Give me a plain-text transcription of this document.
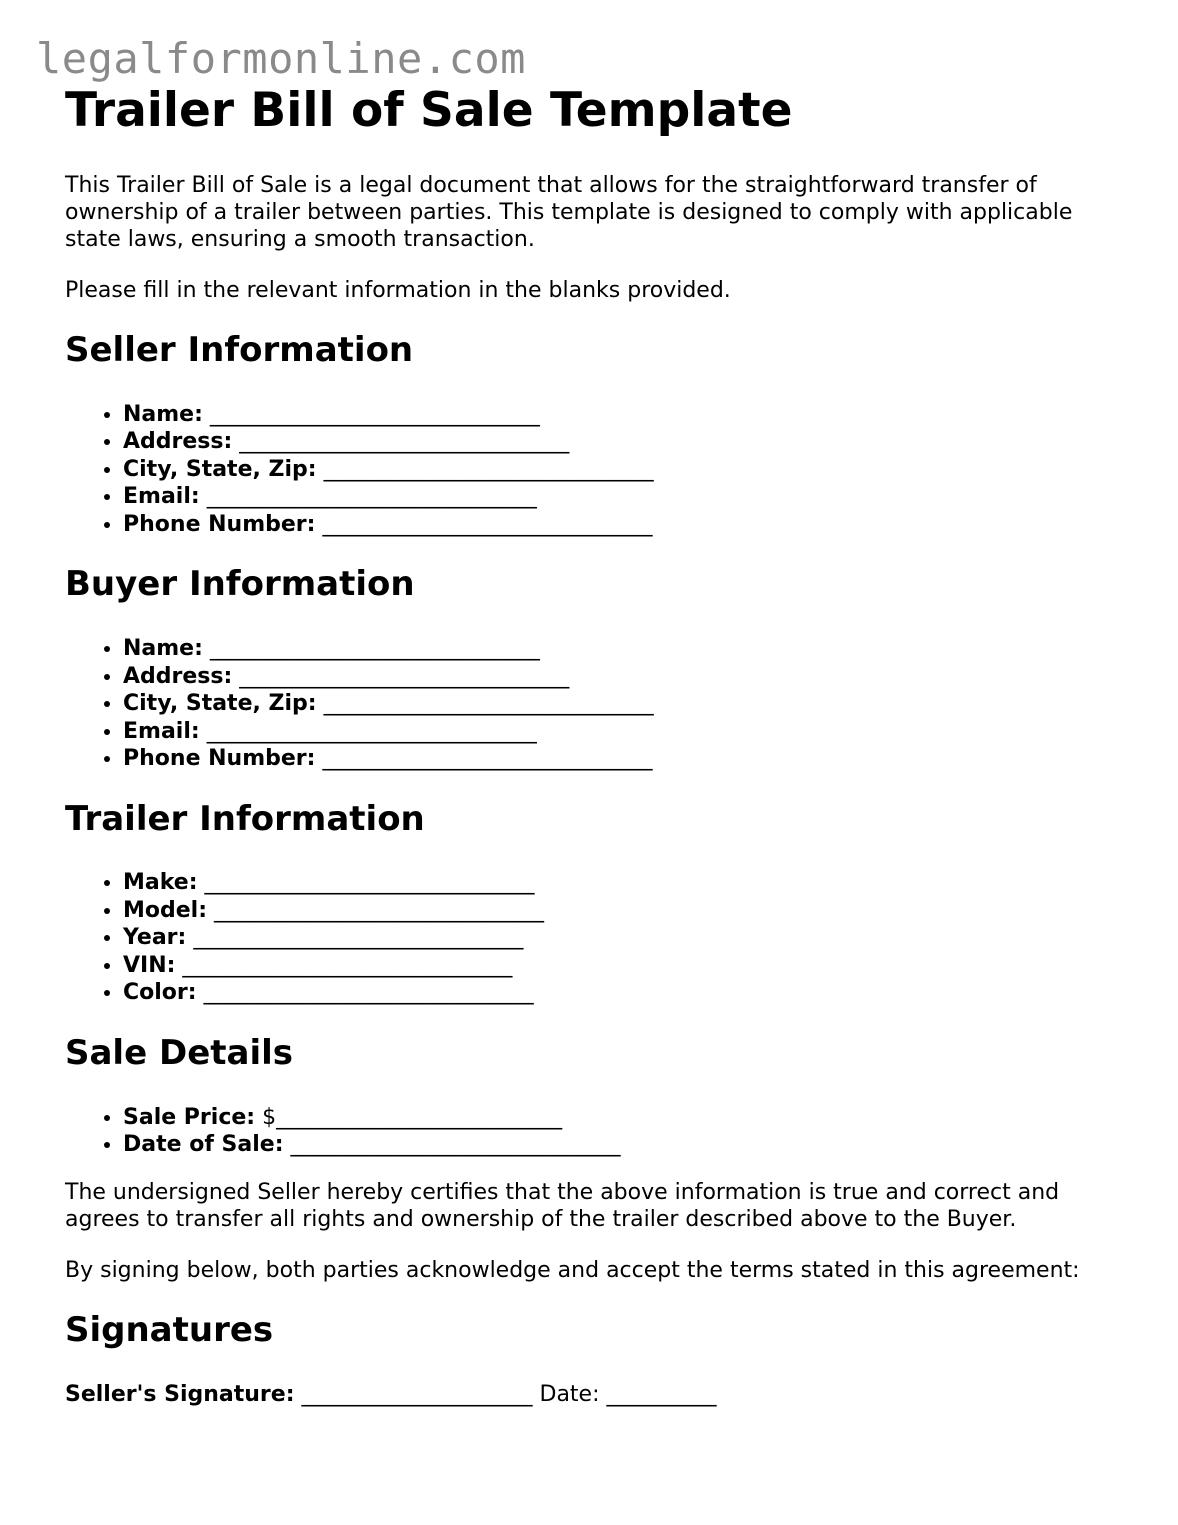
legalformonline.com
Trailer Bill of Sale Template

This Trailer Bill of Sale is a legal document that allows for the straightforward transfer of ownership of a trailer between parties. This template is designed to comply with applicable state laws, ensuring a smooth transaction.

Please fill in the relevant information in the blanks provided.

Seller Information
• Name: ______________________________
• Address: ______________________________
• City, State, Zip: ______________________________
• Email: ______________________________
• Phone Number: ______________________________
Buyer Information
• Name: ______________________________
• Address: ______________________________
• City, State, Zip: ______________________________
• Email: ______________________________
• Phone Number: ______________________________
Trailer Information
• Make: ______________________________
• Model: ______________________________
• Year: ______________________________
• VIN: ______________________________
• Color: ______________________________
Sale Details
• Sale Price: $__________________________
• Date of Sale: ______________________________

The undersigned Seller hereby certifies that the above information is true and correct and agrees to transfer all rights and ownership of the trailer described above to the Buyer.

By signing below, both parties acknowledge and accept the terms stated in this agreement:

Signatures

Seller's Signature: _____________________ Date: __________
